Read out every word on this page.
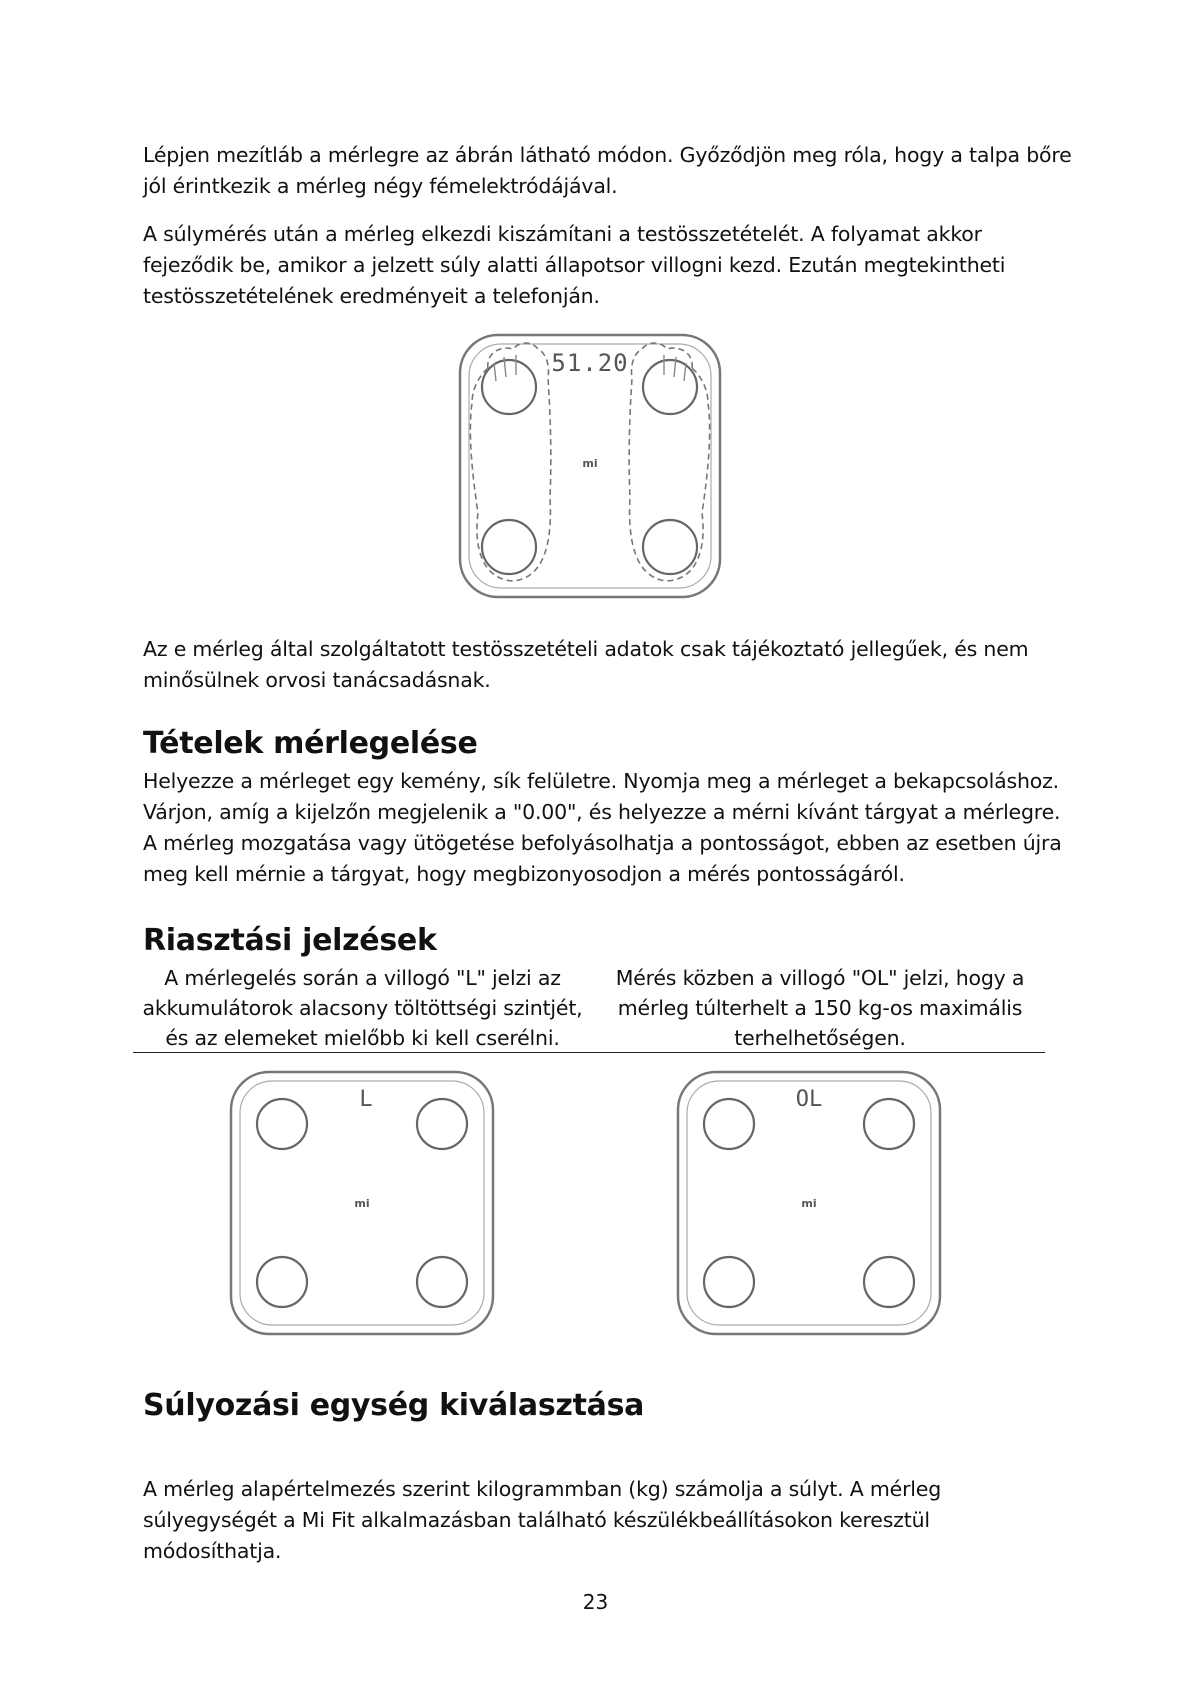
Lépjen mezítláb a mérlegre az ábrán látható módon. Győződjön meg róla, hogy a talpa bőre jól érintkezik a mérleg négy fémelektródájával.

A súlymérés után a mérleg elkezdi kiszámítani a testösszetételét. A folyamat akkor fejeződik be, amikor a jelzett súly alatti állapotsor villogni kezd. Ezután megtekintheti testösszetételének eredményeit a telefonján.

51.20
mi

Az e mérleg által szolgáltatott testösszetételi adatok csak tájékoztató jellegűek, és nem minősülnek orvosi tanácsadásnak.

Tételek mérlegelése

Helyezze a mérleget egy kemény, sík felületre. Nyomja meg a mérleget a bekapcsoláshoz. Várjon, amíg a kijelzőn megjelenik a "0.00", és helyezze a mérni kívánt tárgyat a mérlegre. A mérleg mozgatása vagy ütögetése befolyásolhatja a pontosságot, ebben az esetben újra meg kell mérnie a tárgyat, hogy megbizonyosodjon a mérés pontosságáról.

Riasztási jelzések
A mérlegelés során a villogó "L" jelzi az
akkumulátorok alacsony töltöttségi szintjét,
és az elemeket mielőbb ki kell cserélni.
Mérés közben a villogó "OL" jelzi, hogy a
mérleg túlterhelt a 150 kg-os maximális
terhelhetőségen.
L
mi
OL
mi
Súlyozási egység kiválasztása

A mérleg alapértelmezés szerint kilogrammban (kg) számolja a súlyt. A mérleg súlyegységét a Mi Fit alkalmazásban található készülékbeállításokon keresztül módosíthatja.

23
